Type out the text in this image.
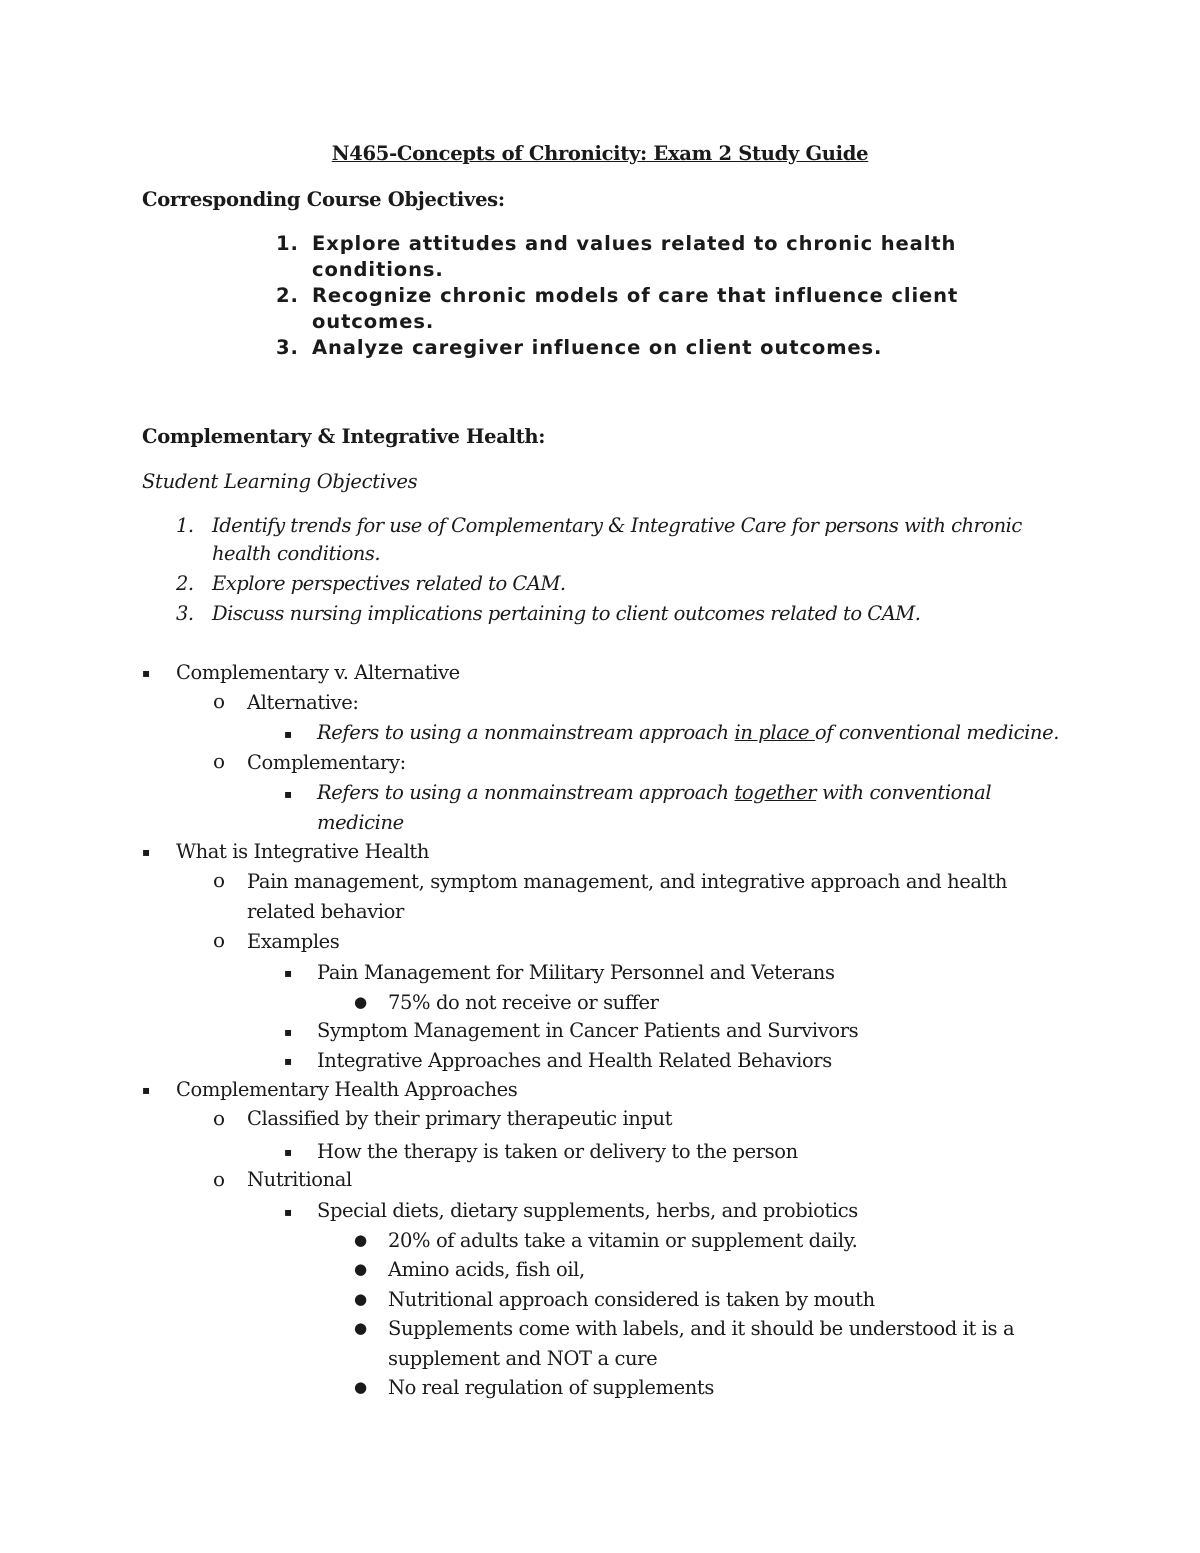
N465-Concepts of Chronicity: Exam 2 Study Guide
Corresponding Course Objectives:
1. Explore attitudes and values related to chronic health conditions.
2. Recognize chronic models of care that influence client outcomes.
3. Analyze caregiver influence on client outcomes.
Complementary & Integrative Health:
Student Learning Objectives
1. Identify trends for use of Complementary & Integrative Care for persons with chronic health conditions.
2. Explore perspectives related to CAM.
3. Discuss nursing implications pertaining to client outcomes related to CAM.
▪ Complementary v. Alternative
o Alternative:
▪ Refers to using a nonmainstream approach in place of conventional medicine.
o Complementary:
▪ Refers to using a nonmainstream approach together with conventional medicine
▪ What is Integrative Health
o Pain management, symptom management, and integrative approach and health related behavior
o Examples
▪ Pain Management for Military Personnel and Veterans
● 75% do not receive or suffer
▪ Symptom Management in Cancer Patients and Survivors
▪ Integrative Approaches and Health Related Behaviors
▪ Complementary Health Approaches
o Classified by their primary therapeutic input
▪ How the therapy is taken or delivery to the person
o Nutritional
▪ Special diets, dietary supplements, herbs, and probiotics
● 20% of adults take a vitamin or supplement daily.
● Amino acids, fish oil,
● Nutritional approach considered is taken by mouth
● Supplements come with labels, and it should be understood it is a supplement and NOT a cure
● No real regulation of supplements
